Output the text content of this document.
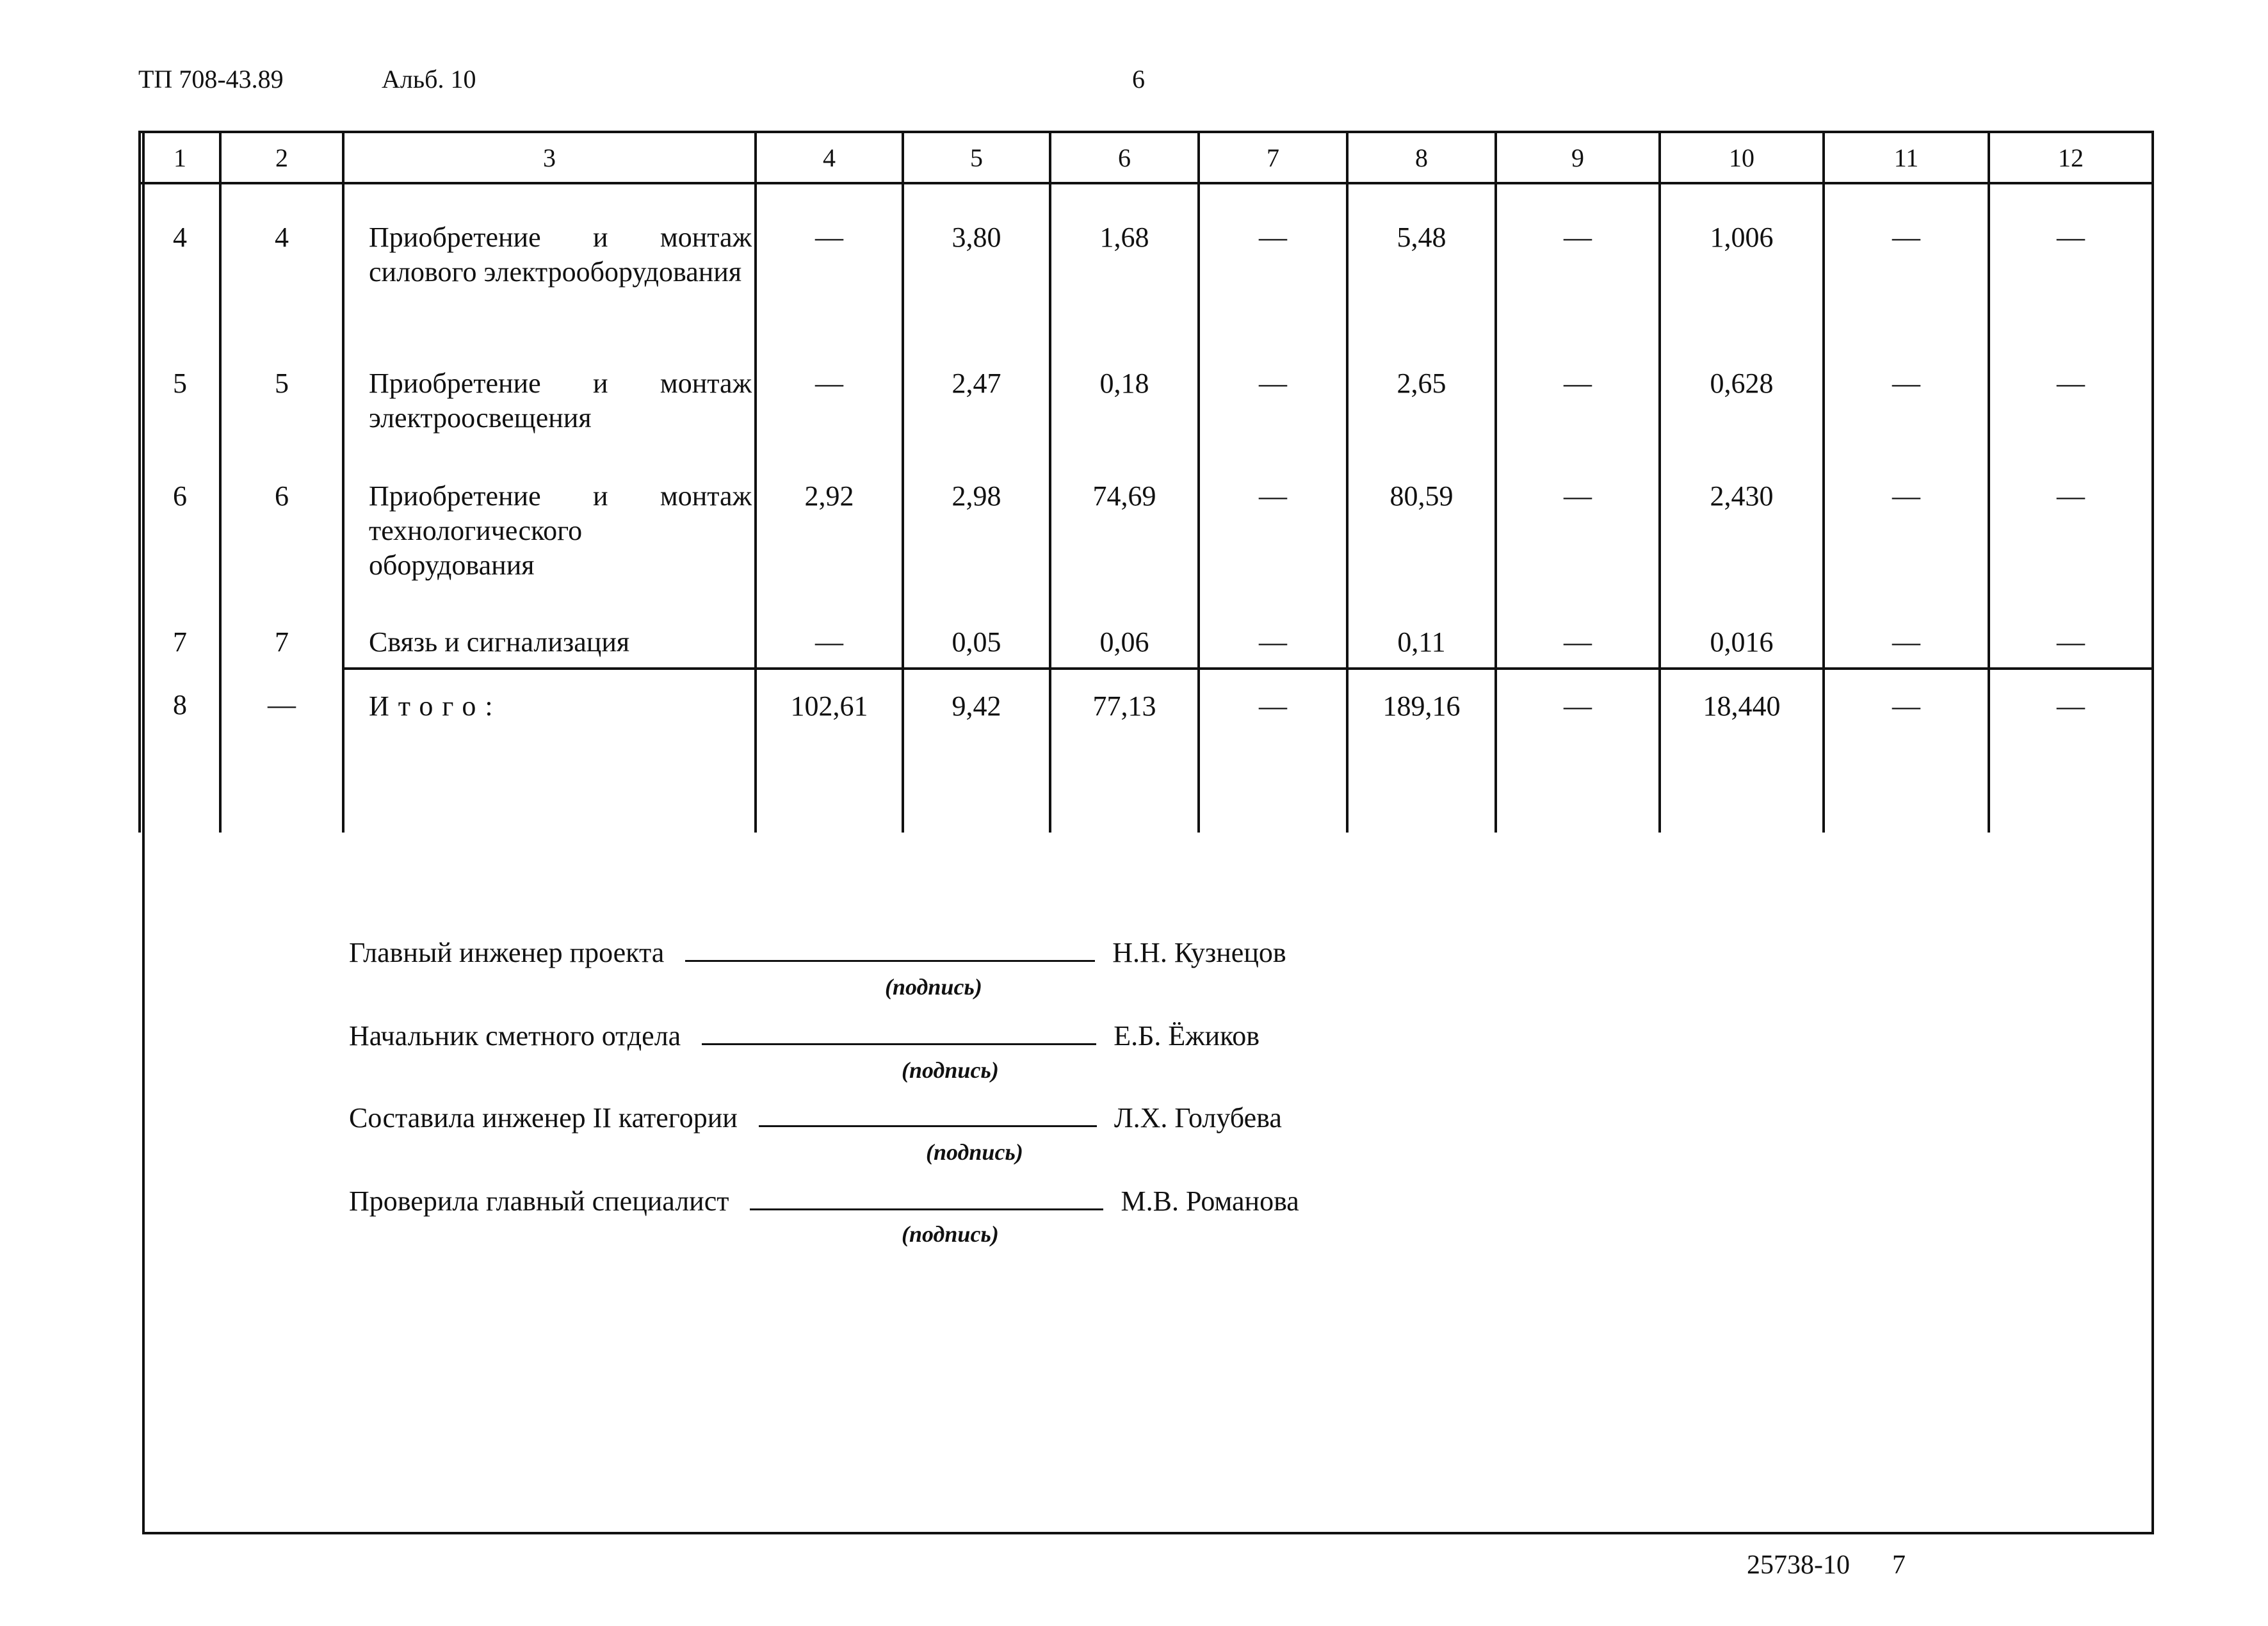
ТП 708-43.89	Альб. 10	6
1	2	3	4	5	6	7	8	9	10	11	12
4	4	Приобретение и монтаж силового электрооборудования	—	3,80	1,68	—	5,48	—	1,006	—	—
5	5	Приобретение и монтаж электроосвещения	—	2,47	0,18	—	2,65	—	0,628	—	—
6	6	Приобретение и монтаж технологического оборудования	2,92	2,98	74,69	—	80,59	—	2,430	—	—
7	7	Связь и сигнализация	—	0,05	0,06	—	0,11	—	0,016	—	—
8	—	Итого:	102,61	9,42	77,13	—	189,16	—	18,440	—	—
Главный инженер проекта	Н.Н. Кузнецов
(подпись)
Начальник сметного отдела	Е.Б. Ёжиков
(подпись)
Составила инженер II категории	Л.Х. Голубева
(подпись)
Проверила главный специалист	М.В. Романова
(подпись)
25738-10 7
